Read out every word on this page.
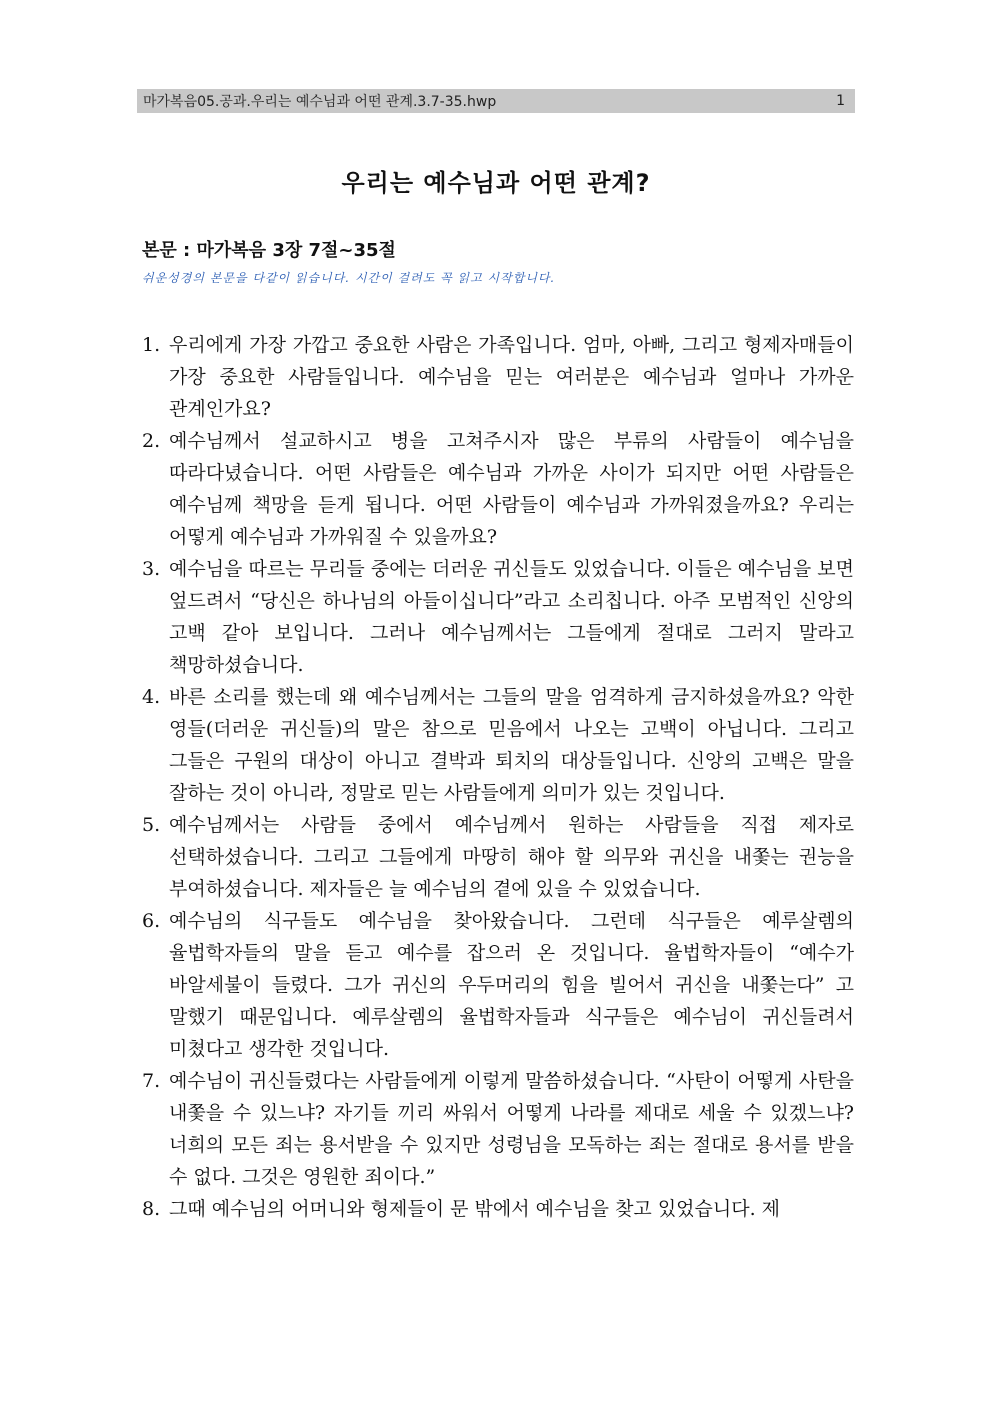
마가복음05.공과.우리는 예수님과 어떤 관계.3.7-35.hwp	1
우리는 예수님과 어떤 관계?

본문 : 마가복음 3장 7절~35절

쉬운성경의 본문을 다같이 읽습니다. 시간이 걸려도 꼭 읽고 시작합니다.

1. 우리에게 가장 가깝고 중요한 사람은 가족입니다. 엄마, 아빠, 그리고 형제자매들이 가장 중요한 사람들입니다. 예수님을 믿는 여러분은 예수님과 얼마나 가까운 관계인가요?
2. 예수님께서 설교하시고 병을 고쳐주시자 많은 부류의 사람들이 예수님을 따라다녔습니다. 어떤 사람들은 예수님과 가까운 사이가 되지만 어떤 사람들은 예수님께 책망을 듣게 됩니다. 어떤 사람들이 예수님과 가까워졌을까요? 우리는 어떻게 예수님과 가까워질 수 있을까요?
3. 예수님을 따르는 무리들 중에는 더러운 귀신들도 있었습니다. 이들은 예수님을 보면 엎드려서 “당신은 하나님의 아들이십니다”라고 소리칩니다. 아주 모범적인 신앙의 고백 같아 보입니다. 그러나 예수님께서는 그들에게 절대로 그러지 말라고 책망하셨습니다.
4. 바른 소리를 했는데 왜 예수님께서는 그들의 말을 엄격하게 금지하셨을까요? 악한 영들(더러운 귀신들)의 말은 참으로 믿음에서 나오는 고백이 아닙니다. 그리고 그들은 구원의 대상이 아니고 결박과 퇴치의 대상들입니다. 신앙의 고백은 말을 잘하는 것이 아니라, 정말로 믿는 사람들에게 의미가 있는 것입니다.
5. 예수님께서는 사람들 중에서 예수님께서 원하는 사람들을 직접 제자로 선택하셨습니다. 그리고 그들에게 마땅히 해야 할 의무와 귀신을 내쫓는 권능을 부여하셨습니다. 제자들은 늘 예수님의 곁에 있을 수 있었습니다.
6. 예수님의 식구들도 예수님을 찾아왔습니다. 그런데 식구들은 예루살렘의 율법학자들의 말을 듣고 예수를 잡으러 온 것입니다. 율법학자들이 “예수가 바알세불이 들렸다. 그가 귀신의 우두머리의 힘을 빌어서 귀신을 내쫓는다” 고 말했기 때문입니다. 예루살렘의 율법학자들과 식구들은 예수님이 귀신들려서 미쳤다고 생각한 것입니다.
7. 예수님이 귀신들렸다는 사람들에게 이렇게 말씀하셨습니다. “사탄이 어떻게 사탄을 내쫓을 수 있느냐? 자기들 끼리 싸워서 어떻게 나라를 제대로 세울 수 있겠느냐? 너희의 모든 죄는 용서받을 수 있지만 성령님을 모독하는 죄는 절대로 용서를 받을 수 없다. 그것은 영원한 죄이다.”
8. 그때 예수님의 어머니와 형제들이 문 밖에서 예수님을 찾고 있었습니다. 제
